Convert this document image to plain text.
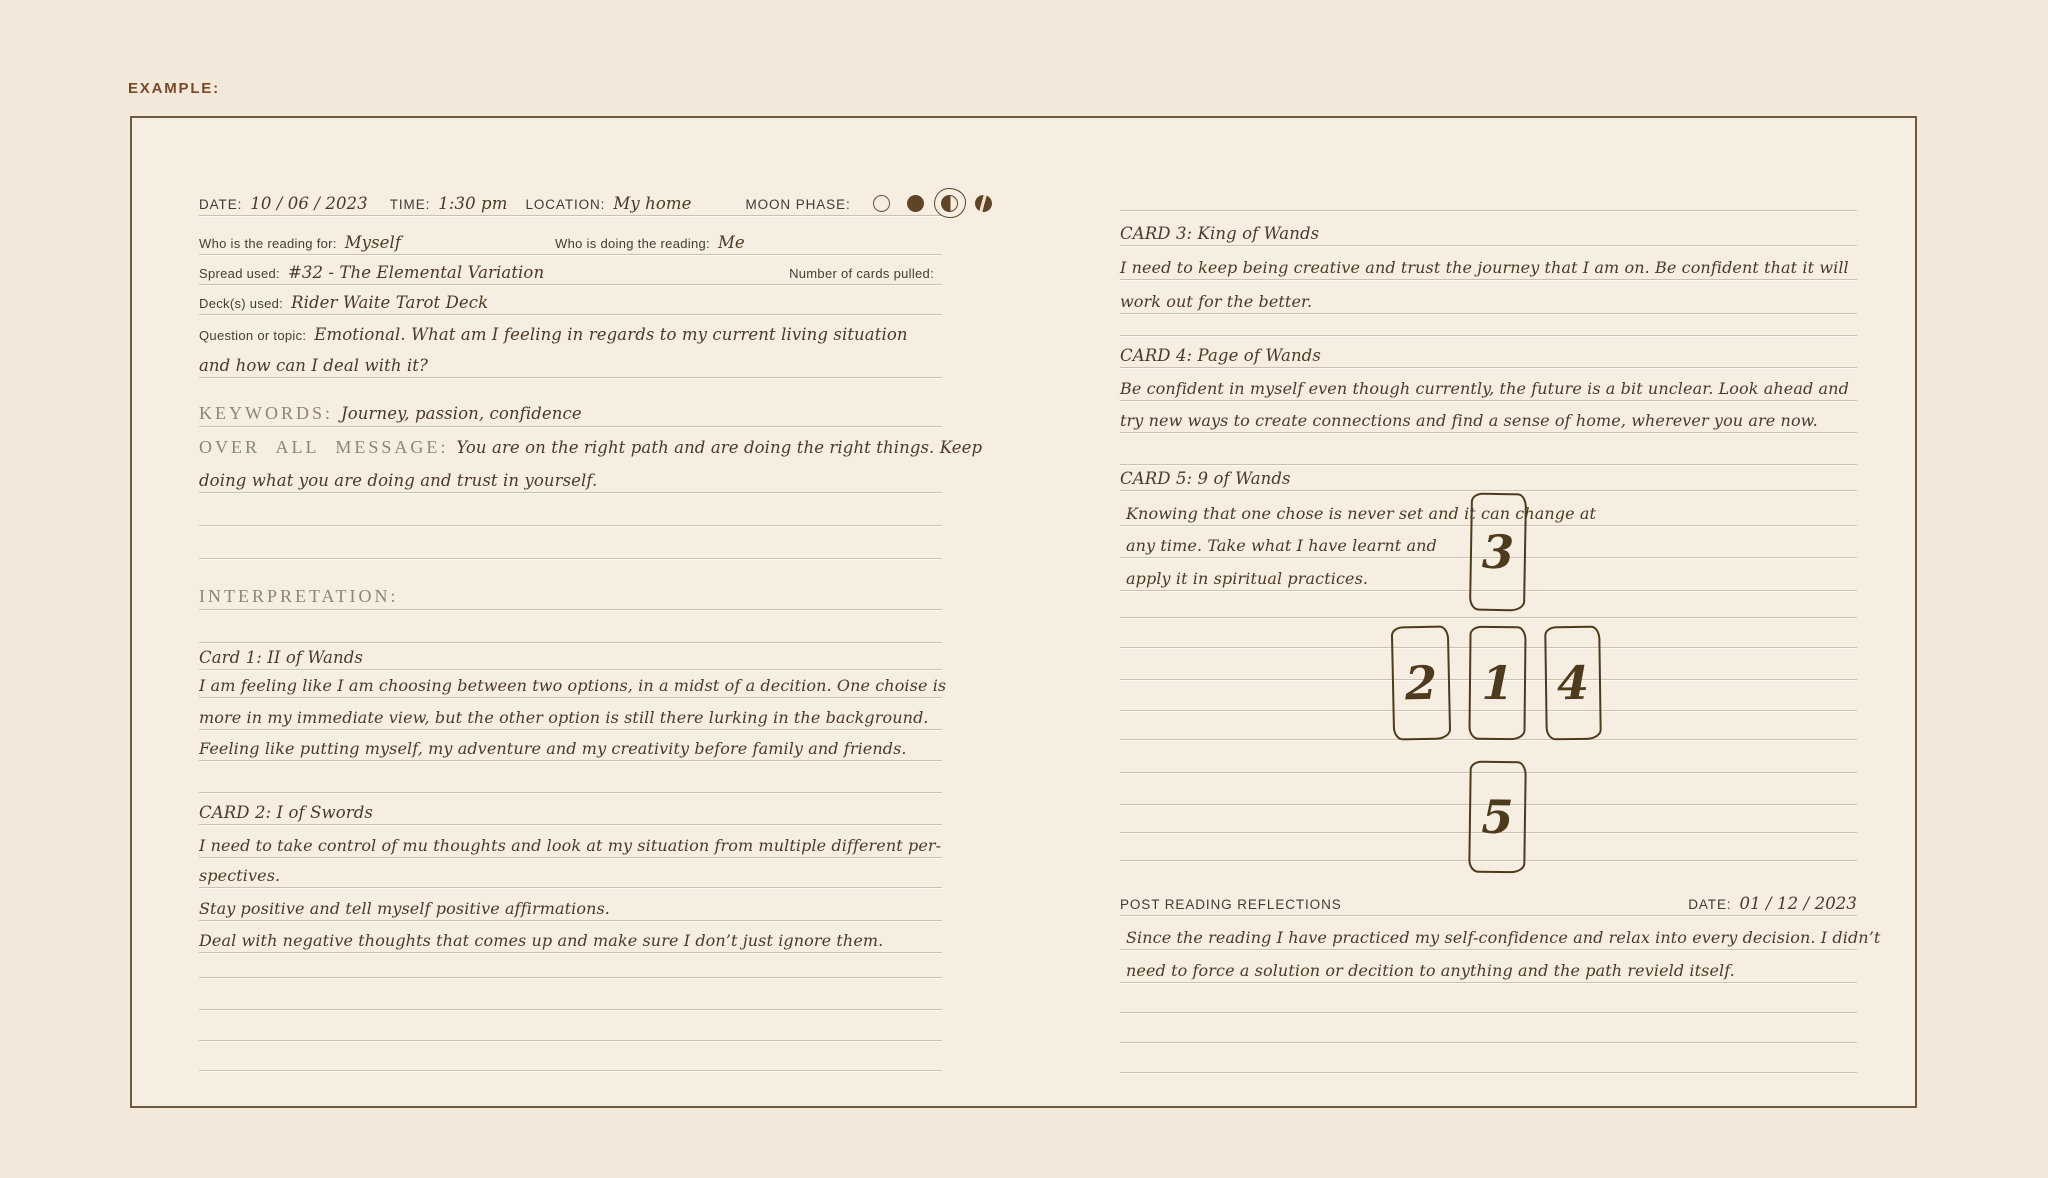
EXAMPLE:
DATE: 10 / 06 / 2023 TIME: 1:30 pm LOCATION: My home	MOON PHASE:
Who is the reading for: Myself	Who is doing the reading: Me
Spread used: #32 - The Elemental Variation	Number of cards pulled:
Deck(s) used: Rider Waite Tarot Deck
Question or topic: Emotional. What am I feeling in regards to my current living situation
and how can I deal with it?
KEYWORDS: Journey, passion, confidence
OVER ALL MESSAGE: You are on the right path and are doing the right things. Keep
doing what you are doing and trust in yourself.
INTERPRETATION:
Card 1: II of Wands
I am feeling like I am choosing between two options, in a midst of a decition. One choise is
more in my immediate view, but the other option is still there lurking in the background.
Feeling like putting myself, my adventure and my creativity before family and friends.
CARD 2: I of Swords
I need to take control of mu thoughts and look at my situation from multiple different per-
spectives.
Stay positive and tell myself positive affirmations.
Deal with negative thoughts that comes up and make sure I don’t just ignore them.
CARD 3: King of Wands
I need to keep being creative and trust the journey that I am on. Be confident that it will
work out for the better.
CARD 4: Page of Wands
Be confident in myself even though currently, the future is a bit unclear. Look ahead and
try new ways to create connections and find a sense of home, wherever you are now.
CARD 5: 9 of Wands
Knowing that one chose is never set and it can change at
any time. Take what I have learnt and
apply it in spiritual practices.
POST READING REFLECTIONS	DATE: 01 / 12 / 2023
Since the reading I have practiced my self-confidence and relax into every decision. I didn’t
need to force a solution or decition to anything and the path revield itself.
3
2 1 4
5
